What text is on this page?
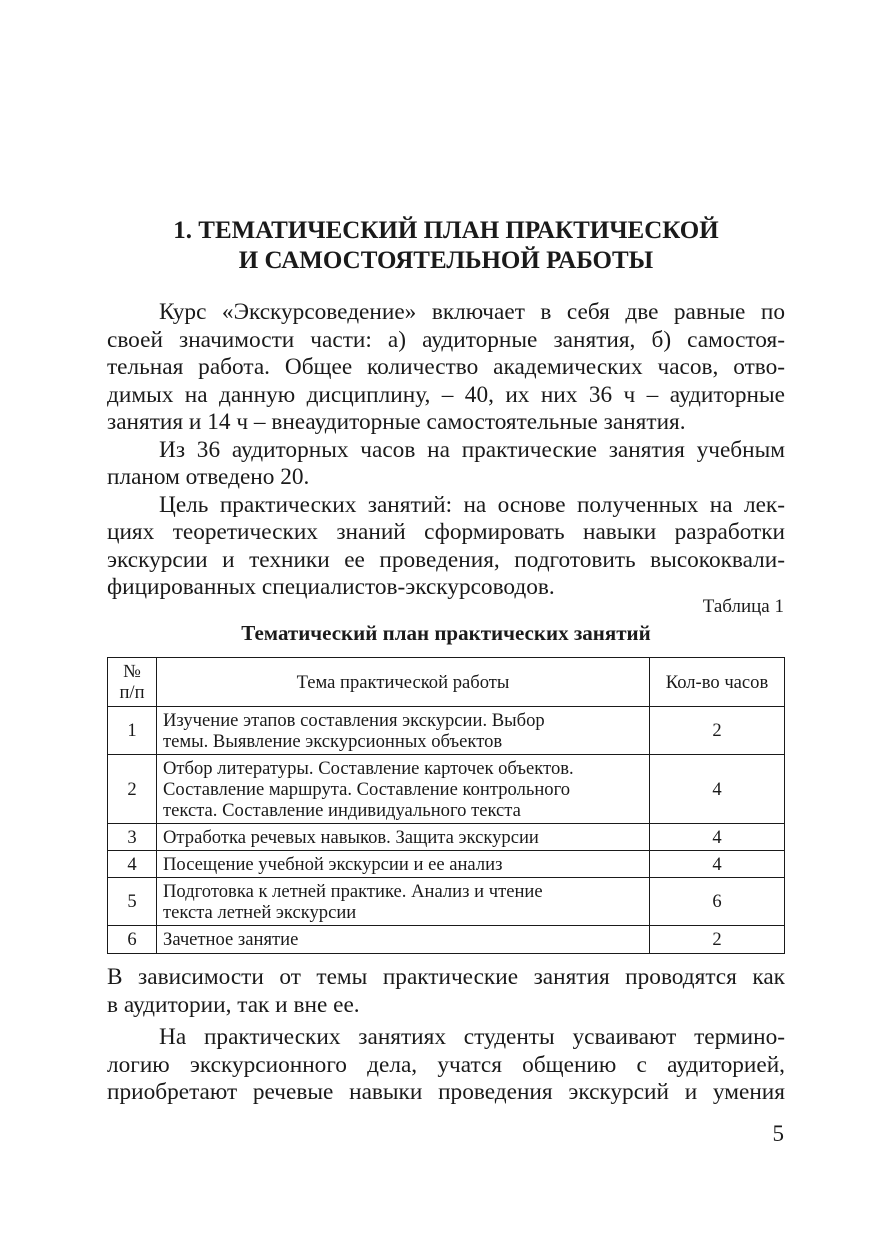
1. ТЕМАТИЧЕСКИЙ ПЛАН ПРАКТИЧЕСКОЙ
И САМОСТОЯТЕЛЬНОЙ РАБОТЫ
Курс «Экскурсоведение» включает в себя две равные по
своей значимости части: а) аудиторные занятия, б) самостоя-
тельная работа. Общее количество академических часов, отво-
димых на данную дисциплину, – 40, их них 36 ч – аудиторные
занятия и 14 ч – внеаудиторные самостоятельные занятия.
Из 36 аудиторных часов на практические занятия учебным
планом отведено 20.
Цель практических занятий: на основе полученных на лек-
циях теоретических знаний сформировать навыки разработки
экскурсии и техники ее проведения, подготовить высококвали-
фицированных специалистов-экскурсоводов.
Таблица 1
Тематический план практических занятий
№ п/п	Тема практической работы	Кол-во часов
1	Изучение этапов составления экскурсии. Выбор
темы. Выявление экскурсионных объектов	2
2	Отбор литературы. Составление карточек объектов.
Составление маршрута. Составление контрольного
текста. Составление индивидуального текста	4
3	Отработка речевых навыков. Защита экскурсии	4
4	Посещение учебной экскурсии и ее анализ	4
5	Подготовка к летней практике. Анализ и чтение
текста летней экскурсии	6
6	Зачетное занятие	2
В зависимости от темы практические занятия проводятся как
в аудитории, так и вне ее.
На практических занятиях студенты усваивают термино-
логию экскурсионного дела, учатся общению с аудиторией,
приобретают речевые навыки проведения экскурсий и умения
5
